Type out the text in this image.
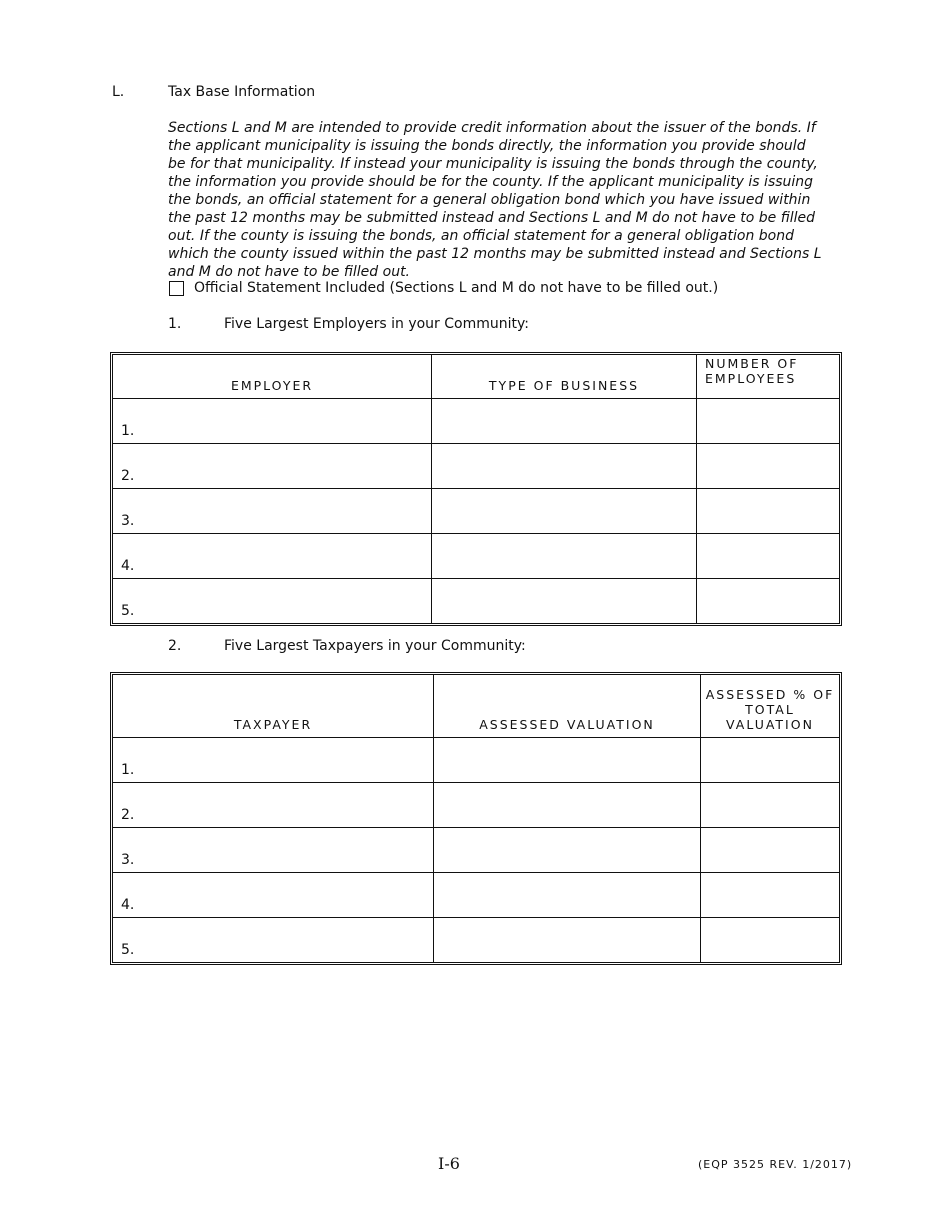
L.	Tax Base Information
Sections L and M are intended to provide credit information about the issuer of the bonds. If the applicant municipality is issuing the bonds directly, the information you provide should be for that municipality. If instead your municipality is issuing the bonds through the county, the information you provide should be for the county. If the applicant municipality is issuing the bonds, an official statement for a general obligation bond which you have issued within the past 12 months may be submitted instead and Sections L and M do not have to be filled out. If the county is issuing the bonds, an official statement for a general obligation bond which the county issued within the past 12 months may be submitted instead and Sections L and M do not have to be filled out.
Official Statement Included (Sections L and M do not have to be filled out.)
1.	Five Largest Employers in your Community:
EMPLOYER	TYPE OF BUSINESS	NUMBER OF EMPLOYEES
1.		
2.		
3.		
4.		
5.		
2.	Five Largest Taxpayers in your Community:
TAXPAYER	ASSESSED VALUATION	ASSESSED % OF TOTAL VALUATION
1.		
2.		
3.		
4.		
5.		
I-6	(EQP 3525 REV. 1/2017)
